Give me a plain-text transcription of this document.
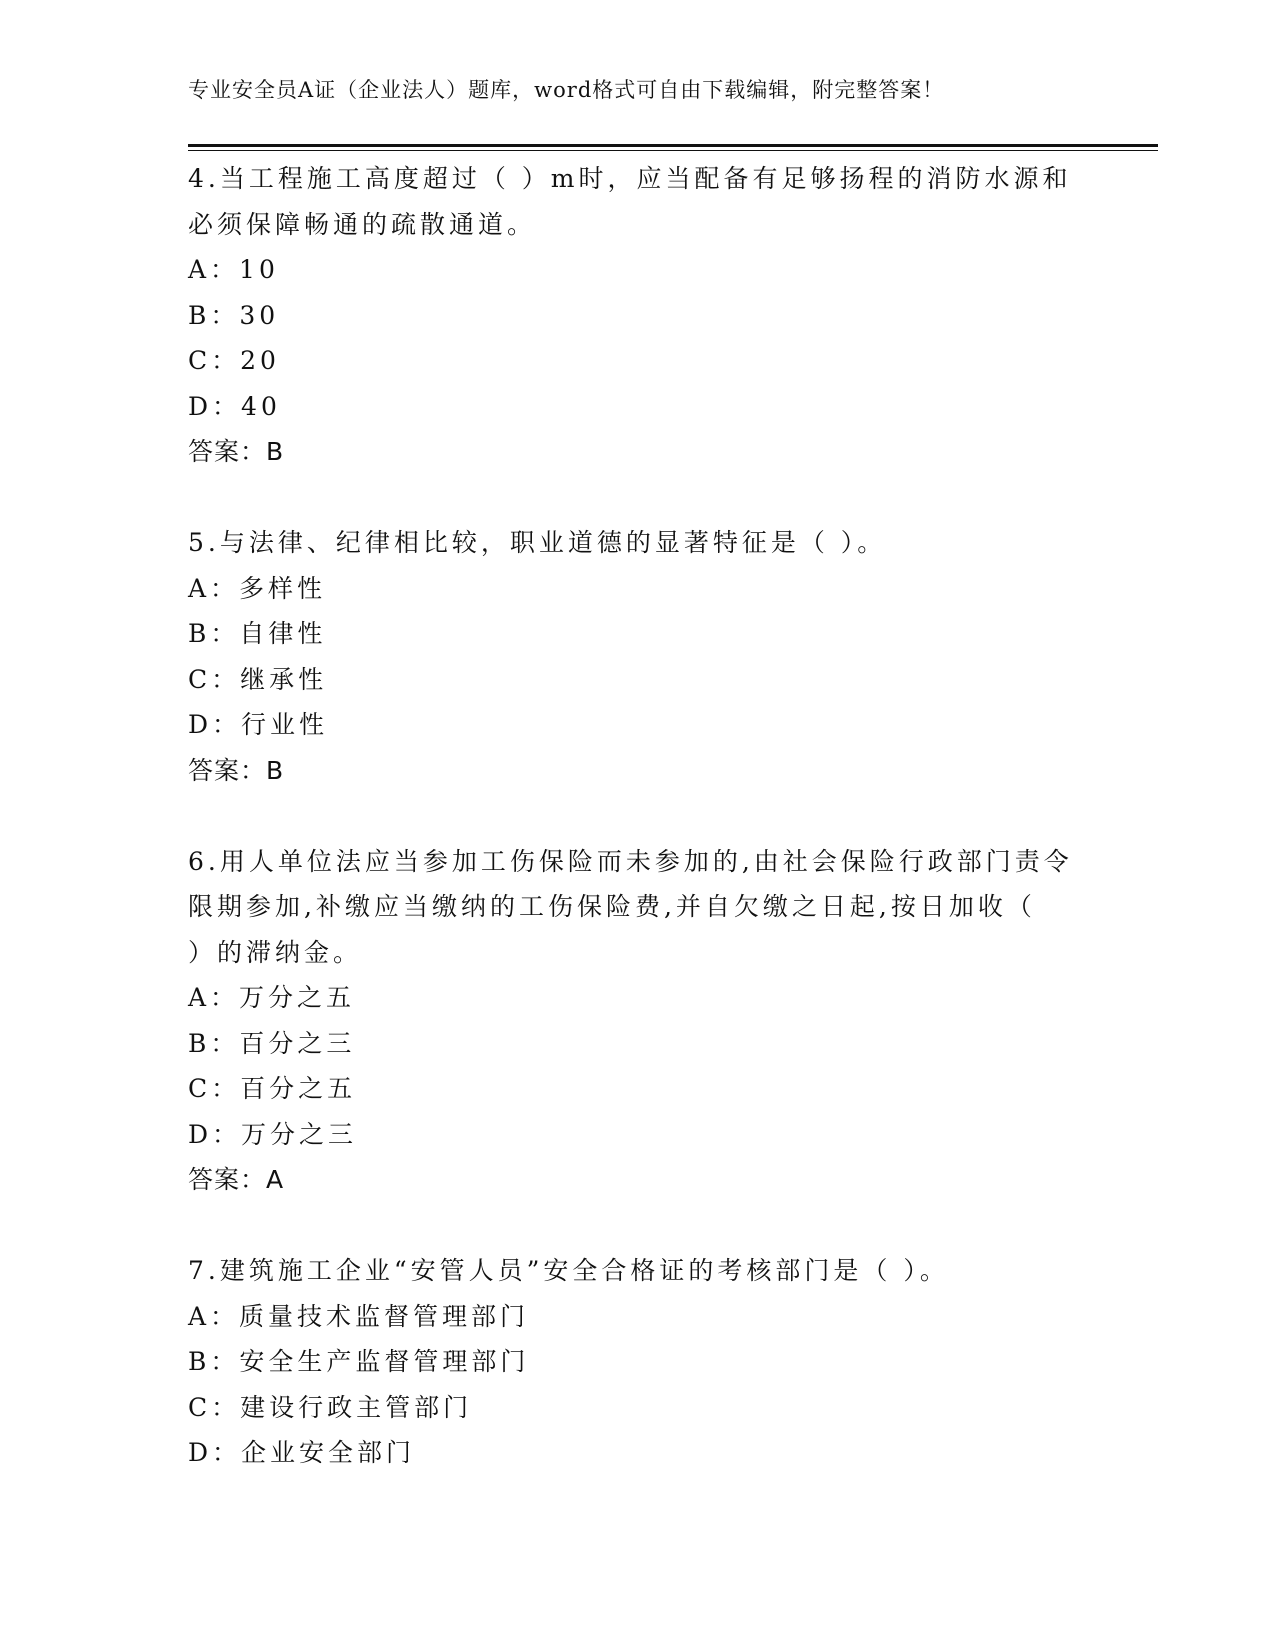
专业安全员A证（企业法人）题库，word格式可自由下载编辑，附完整答案！
4.当工程施工高度超过（ ）m时，应当配备有足够扬程的消防水源和
必须保障畅通的疏散通道。
A：10
B：30
C：20
D：40
答案：B
5.与法律、纪律相比较，职业道德的显著特征是（ ）。
A：多样性
B：自律性
C：继承性
D：行业性
答案：B
6.用人单位法应当参加工伤保险而未参加的,由社会保险行政部门责令
限期参加,补缴应当缴纳的工伤保险费,并自欠缴之日起,按日加收（
）的滞纳金。
A：万分之五
B：百分之三
C：百分之五
D：万分之三
答案：A
7.建筑施工企业“安管人员”安全合格证的考核部门是（ ）。
A：质量技术监督管理部门
B：安全生产监督管理部门
C：建设行政主管部门
D：企业安全部门
